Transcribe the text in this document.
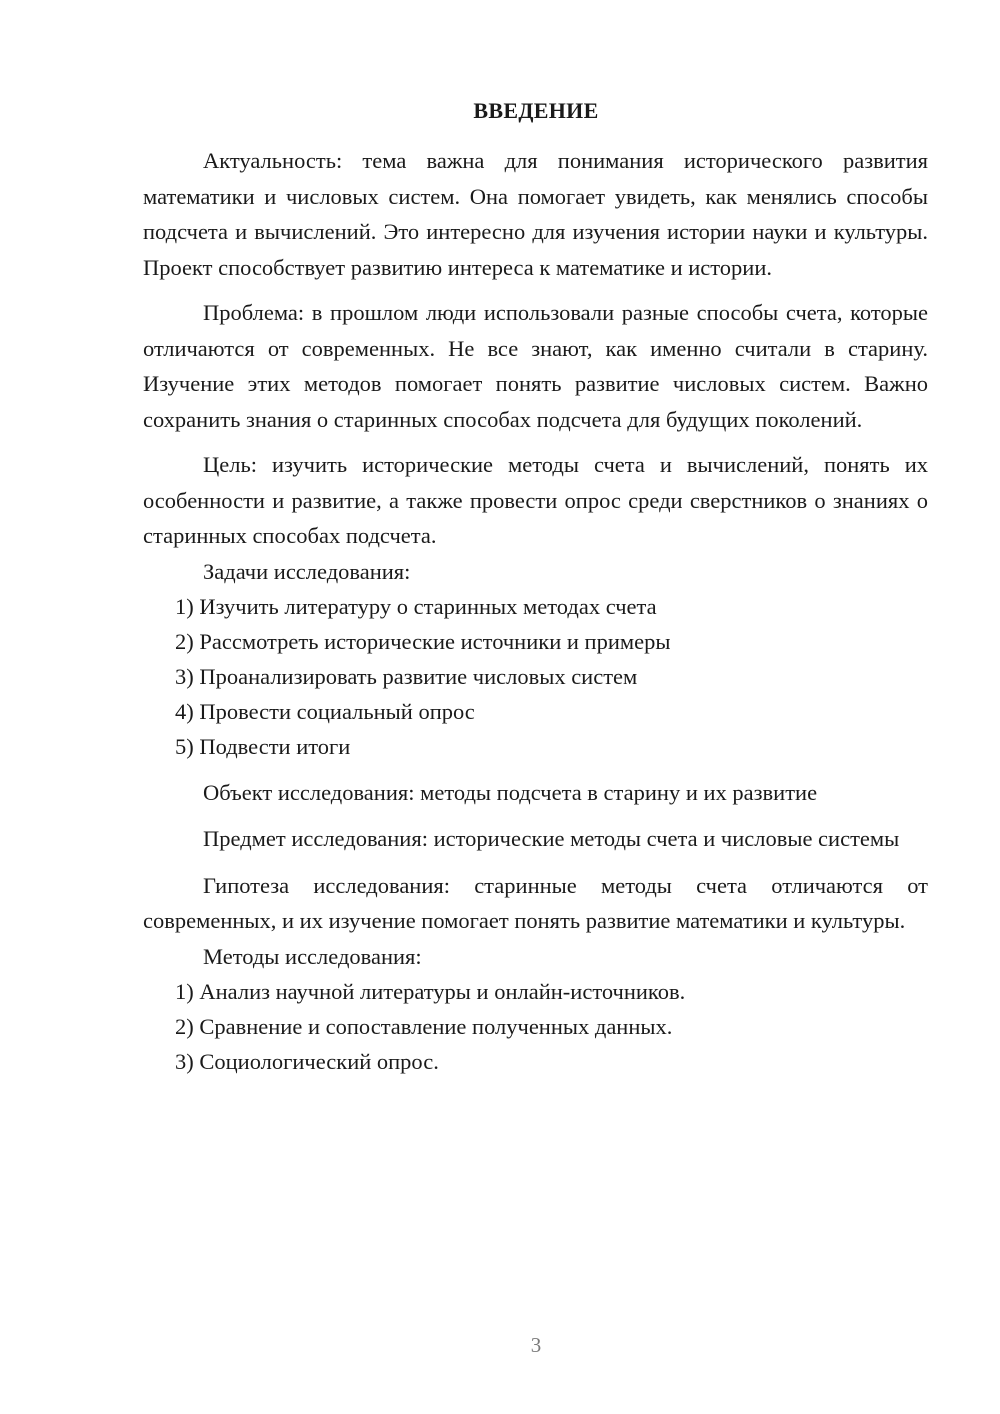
ВВЕДЕНИЕ

Актуальность: тема важна для понимания исторического развития математики и числовых систем. Она помогает увидеть, как менялись способы подсчета и вычислений. Это интересно для изучения истории науки и культуры. Проект способствует развитию интереса к математике и истории.

Проблема: в прошлом люди использовали разные способы счета, которые отличаются от современных. Не все знают, как именно считали в старину. Изучение этих методов помогает понять развитие числовых систем. Важно сохранить знания о старинных способах подсчета для будущих поколений.

Цель: изучить исторические методы счета и вычислений, понять их особенности и развитие, а также провести опрос среди сверстников о знаниях о старинных способах подсчета.

Задачи исследования:

1) Изучить литературу о старинных методах счета

2) Рассмотреть исторические источники и примеры

3) Проанализировать развитие числовых систем

4) Провести социальный опрос

5) Подвести итоги

Объект исследования: методы подсчета в старину и их развитие

Предмет исследования: исторические методы счета и числовые системы

Гипотеза исследования: старинные методы счета отличаются от современных, и их изучение помогает понять развитие математики и культуры.

Методы исследования:

1) Анализ научной литературы и онлайн-источников.

2) Сравнение и сопоставление полученных данных.

3) Социологический опрос.

3
